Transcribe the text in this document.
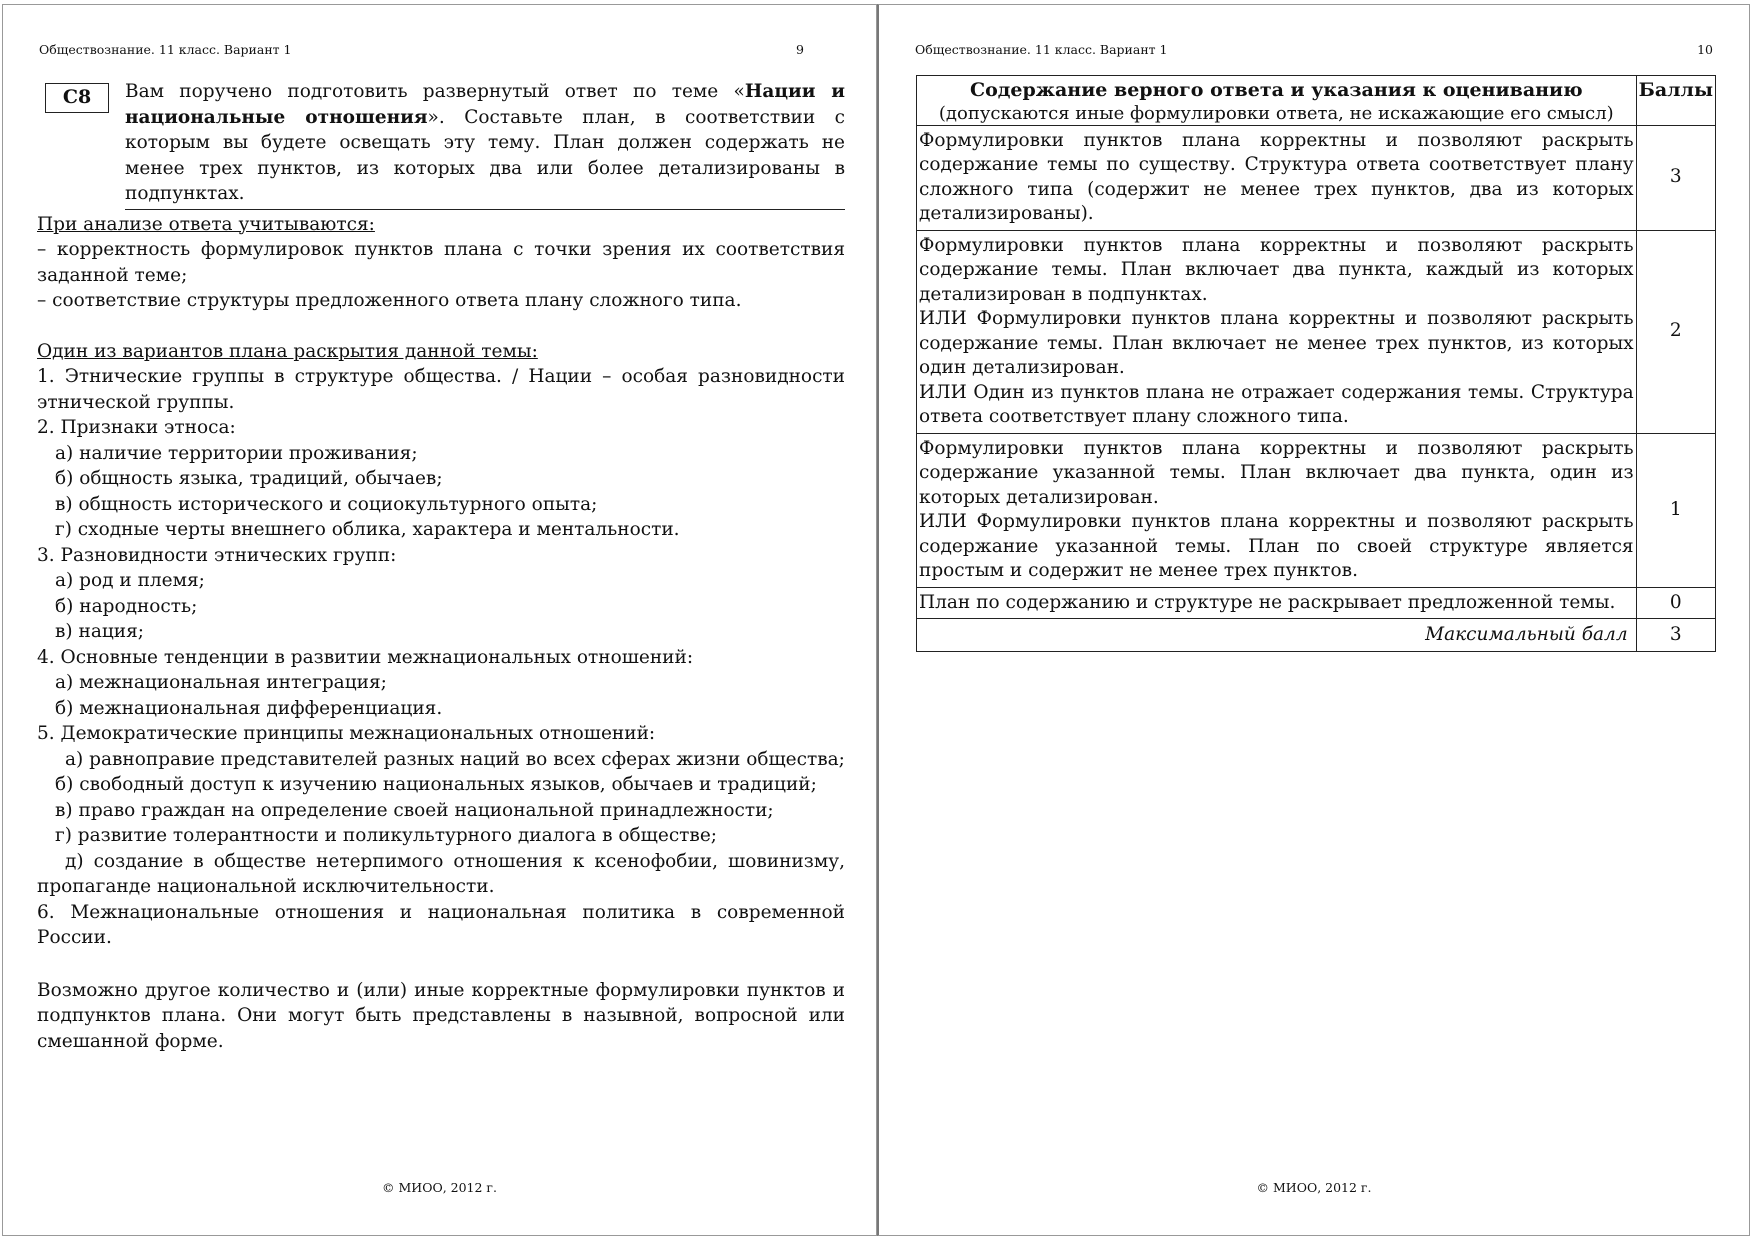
Обществознание. 11 класс. Вариант 1	9
С8	Вам поручено подготовить развернутый ответ по теме «Нации и национальные отношения». Составьте план, в соответствии с которым вы будете освещать эту тему. План должен содержать не менее трех пунктов, из которых два или более детализированы в подпунктах.

При анализе ответа учитываются:

– корректность формулировок пунктов плана с точки зрения их соответствия заданной теме;

– соответствие структуры предложенного ответа плану сложного типа.

Один из вариантов плана раскрытия данной темы:

1. Этнические группы в структуре общества. / Нации – особая разновидности этнической группы.

2. Признаки этноса:

а) наличие территории проживания;

б) общность языка, традиций, обычаев;

в) общность исторического и социокультурного опыта;

г) сходные черты внешнего облика, характера и ментальности.

3. Разновидности этнических групп:

а) род и племя;

б) народность;

в) нация;

4. Основные тенденции в развитии межнациональных отношений:

а) межнациональная интеграция;

б) межнациональная дифференциация.

5. Демократические принципы межнациональных отношений:

а) равноправие представителей разных наций во всех сферах жизни общества;

б) свободный доступ к изучению национальных языков, обычаев и традиций;

в) право граждан на определение своей национальной принадлежности;

г) развитие толерантности и поликультурного диалога в обществе;

д) создание в обществе нетерпимого отношения к ксенофобии, шовинизму, пропаганде национальной исключительности.

6. Межнациональные отношения и национальная политика в современной России.

Возможно другое количество и (или) иные корректные формулировки пунктов и подпунктов плана. Они могут быть представлены в назывной, вопросной или смешанной форме.

© МИОО, 2012 г.
Обществознание. 11 класс. Вариант 1	10
Содержание верного ответа и указания к оцениванию
(допускаются иные формулировки ответа, не искажающие его смысл)	Баллы

Формулировки пунктов плана корректны и позволяют раскрыть содержание темы по существу. Структура ответа соответствует плану сложного типа (содержит не менее трех пунктов, два из которых детализированы).	3

Формулировки пунктов плана корректны и позволяют раскрыть содержание темы. План включает два пункта, каждый из которых детализирован в подпунктах.
ИЛИ Формулировки пунктов плана корректны и позволяют раскрыть содержание темы. План включает не менее трех пунктов, из которых один детализирован.
ИЛИ Один из пунктов плана не отражает содержания темы. Структура ответа соответствует плану сложного типа.	2

Формулировки пунктов плана корректны и позволяют раскрыть содержание указанной темы. План включает два пункта, один из которых детализирован.
ИЛИ Формулировки пунктов плана корректны и позволяют раскрыть содержание указанной темы. План по своей структуре является простым и содержит не менее трех пунктов.	1

План по содержанию и структуре не раскрывает предложенной темы.	0
Максимальный балл	3
© МИОО, 2012 г.
